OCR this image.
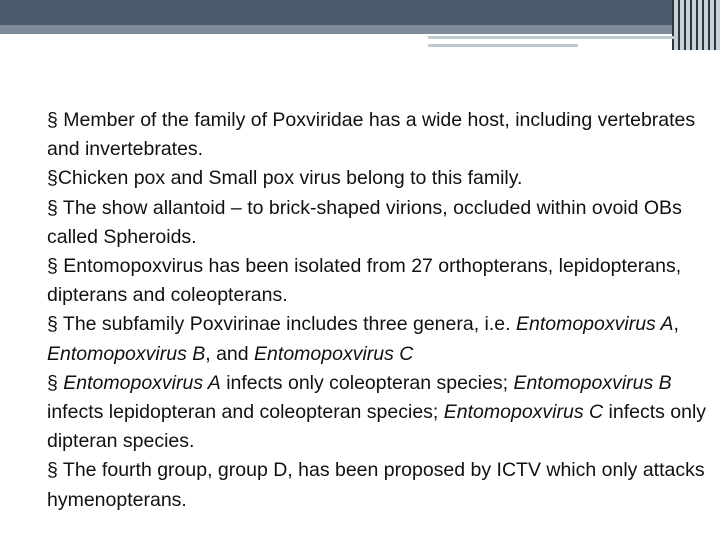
§ Member of the family of Poxviridae has a wide host, including vertebrates and invertebrates.

§Chicken pox and Small pox virus belong to this family.

§ The show allantoid – to brick-shaped virions, occluded within ovoid OBs called Spheroids.

§ Entomopoxvirus has been isolated from 27 orthopterans, lepidopterans, dipterans and coleopterans.

§ The subfamily Poxvirinae includes three genera, i.e. Entomopoxvirus A, Entomopoxvirus B, and Entomopoxvirus C

§ Entomopoxvirus A infects only coleopteran species; Entomopoxvirus B infects lepidopteran and coleopteran species; Entomopoxvirus C infects only dipteran species.

§ The fourth group, group D, has been proposed by ICTV which only attacks hymenopterans.
